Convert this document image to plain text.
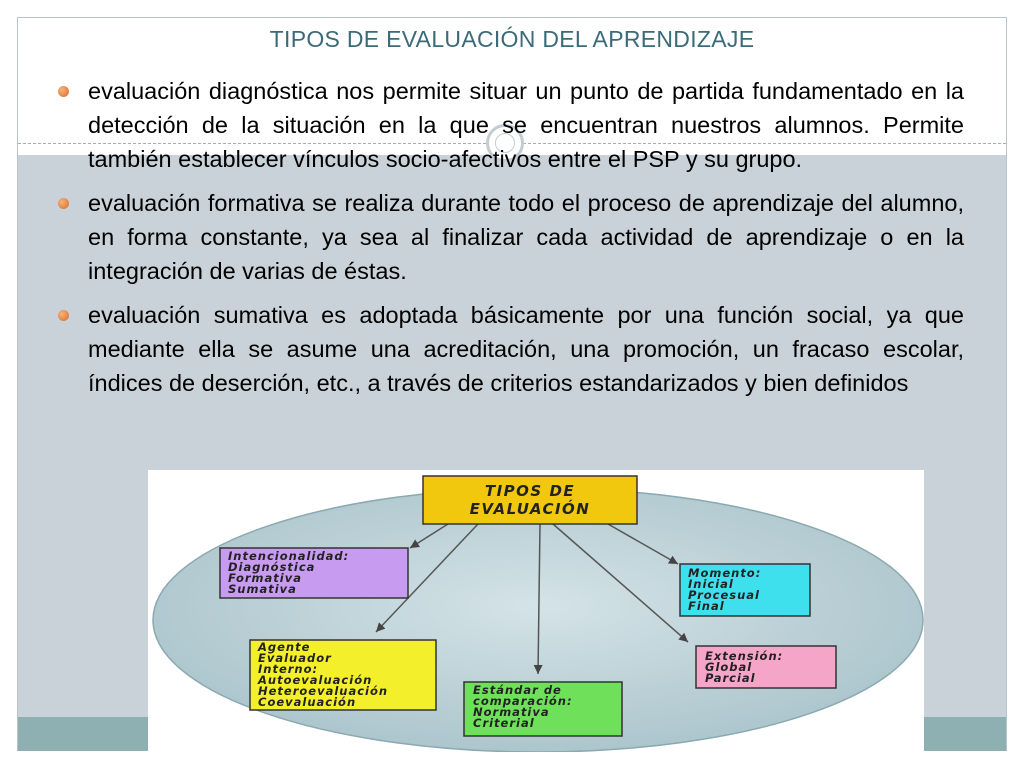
TIPOS DE EVALUACIÓN DEL APRENDIZAJE
evaluación diagnóstica nos permite situar un punto de partida fundamentado en la detección de la situación en la que se encuentran nuestros alumnos. Permite también establecer vínculos socio-afectivos entre el PSP y su grupo.
evaluación formativa se realiza durante todo el proceso de aprendizaje del alumno, en forma constante, ya sea al finalizar cada actividad de aprendizaje o en la integración de varias de éstas.
evaluación sumativa es adoptada básicamente por una función social, ya que mediante ella se asume una acreditación, una promoción, un fracaso escolar, índices de deserción, etc., a través de criterios estandarizados y bien definidos
TIPOS DE
EVALUACIÓN
Intencionalidad:
Diagnóstica
Formativa
Sumativa
Momento:
Inicial
Procesual
Final
Agente
Evaluador
Interno:
Autoevaluación
Heteroevaluación
Coevaluación
Estándar de
comparación:
Normativa
Criterial
Extensión:
Global
Parcial
